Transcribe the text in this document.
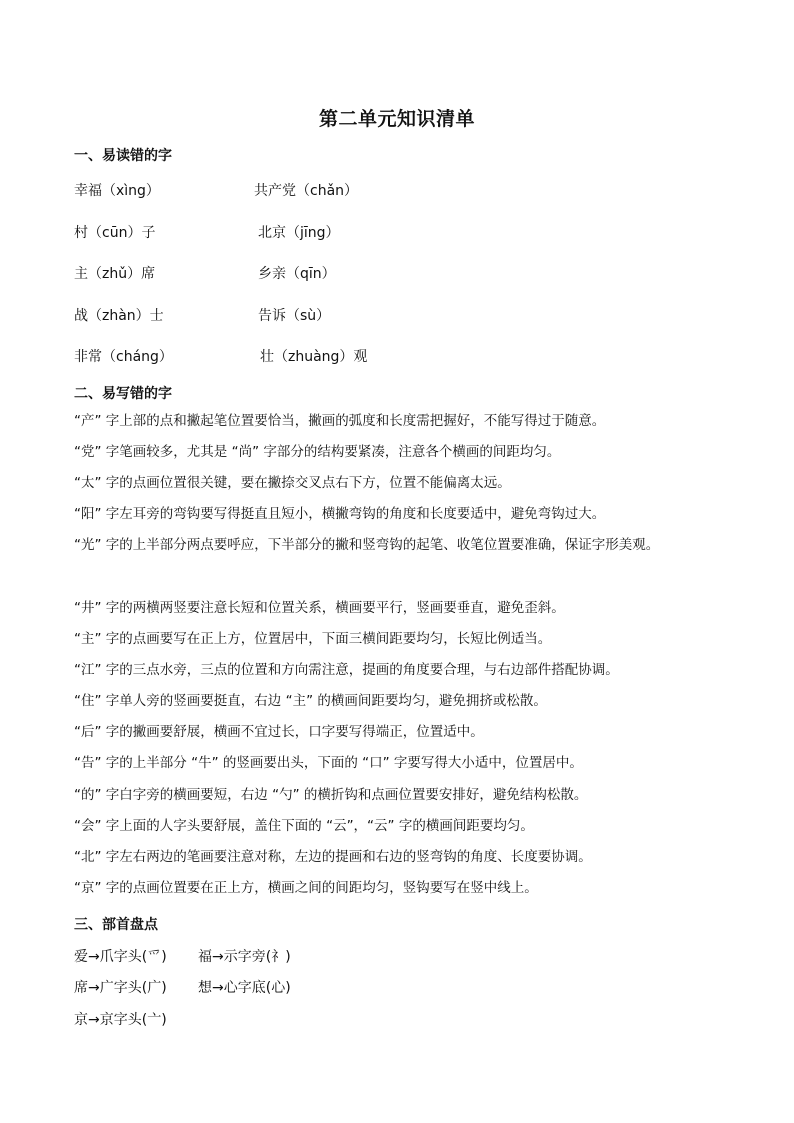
第二单元知识清单
一、易读错的字
幸福（xìng）	共产党（chǎn）
村（cūn）子	北京（jīng）
主（zhǔ）席	乡亲（qīn）
战（zhàn）士	告诉（sù）
非常（cháng）	壮（zhuàng）观
二、易写错的字
“产” 字上部的点和撇起笔位置要恰当，撇画的弧度和长度需把握好，不能写得过于随意。
“党” 字笔画较多，尤其是 “尚” 字部分的结构要紧凑，注意各个横画的间距均匀。
“太” 字的点画位置很关键，要在撇捺交叉点右下方，位置不能偏离太远。
“阳” 字左耳旁的弯钩要写得挺直且短小，横撇弯钩的角度和长度要适中，避免弯钩过大。
“光” 字的上半部分两点要呼应，下半部分的撇和竖弯钩的起笔、收笔位置要准确，保证字形美观。
“井” 字的两横两竖要注意长短和位置关系，横画要平行，竖画要垂直，避免歪斜。
“主” 字的点画要写在正上方，位置居中，下面三横间距要均匀，长短比例适当。
“江” 字的三点水旁，三点的位置和方向需注意，提画的角度要合理，与右边部件搭配协调。
“住” 字单人旁的竖画要挺直，右边 “主” 的横画间距要均匀，避免拥挤或松散。
“后” 字的撇画要舒展，横画不宜过长，口字要写得端正，位置适中。
“告” 字的上半部分 “牛” 的竖画要出头，下面的 “口” 字要写得大小适中，位置居中。
“的” 字白字旁的横画要短，右边 “勺” 的横折钩和点画位置要安排好，避免结构松散。
“会” 字上面的人字头要舒展，盖住下面的 “云”，“云” 字的横画间距要均匀。
“北” 字左右两边的笔画要注意对称，左边的提画和右边的竖弯钩的角度、长度要协调。
“京” 字的点画位置要在正上方，横画之间的间距均匀，竖钩要写在竖中线上。
三、部首盘点
爱→爪字头(爫) 福→示字旁(礻)
席→广字头(广) 想→心字底(心)
京→京字头(亠)
